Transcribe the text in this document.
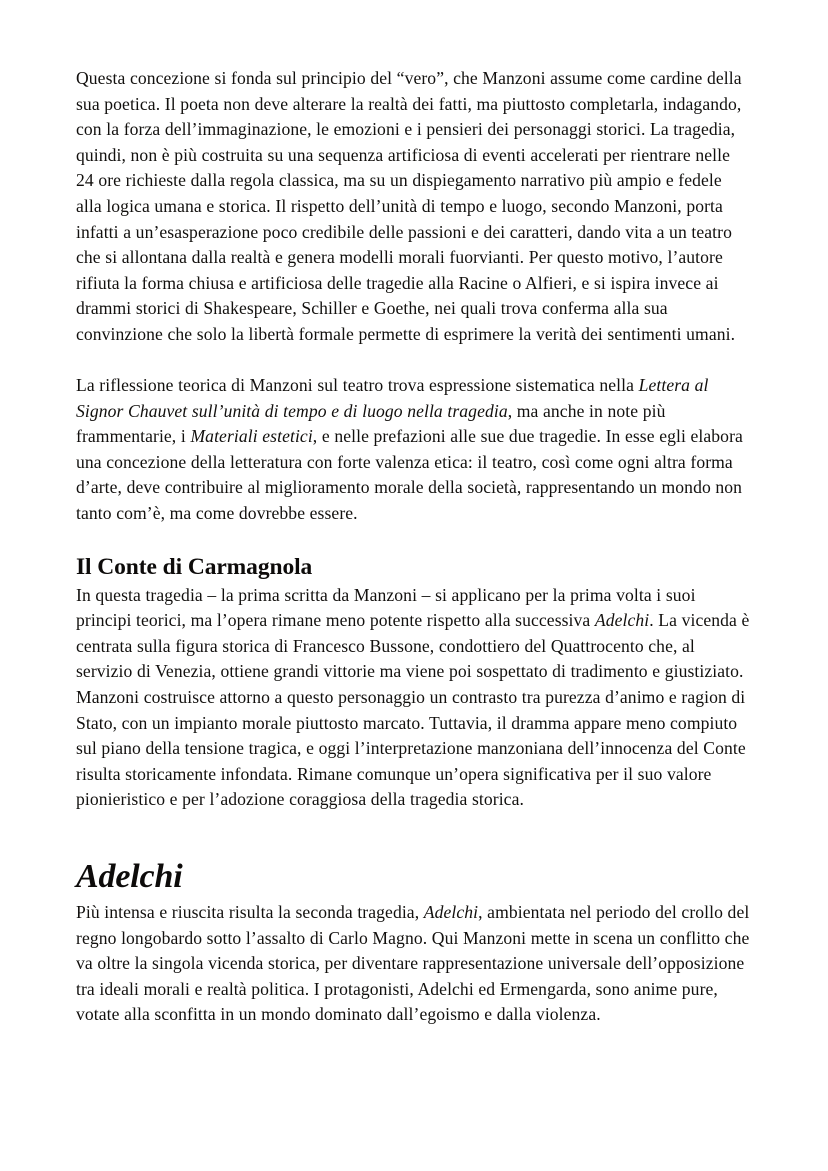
Questa concezione si fonda sul principio del “vero”, che Manzoni assume come cardine della sua poetica. Il poeta non deve alterare la realtà dei fatti, ma piuttosto completarla, indagando, con la forza dell’immaginazione, le emozioni e i pensieri dei personaggi storici. La tragedia, quindi, non è più costruita su una sequenza artificiosa di eventi accelerati per rientrare nelle 24 ore richieste dalla regola classica, ma su un dispiegamento narrativo più ampio e fedele alla logica umana e storica. Il rispetto dell’unità di tempo e luogo, secondo Manzoni, porta infatti a un’esasperazione poco credibile delle passioni e dei caratteri, dando vita a un teatro che si allontana dalla realtà e genera modelli morali fuorvianti. Per questo motivo, l’autore rifiuta la forma chiusa e artificiosa delle tragedie alla Racine o Alfieri, e si ispira invece ai drammi storici di Shakespeare, Schiller e Goethe, nei quali trova conferma alla sua convinzione che solo la libertà formale permette di esprimere la verità dei sentimenti umani.

La riflessione teorica di Manzoni sul teatro trova espressione sistematica nella Lettera al Signor Chauvet sull’unità di tempo e di luogo nella tragedia, ma anche in note più frammentarie, i Materiali estetici, e nelle prefazioni alle sue due tragedie. In esse egli elabora una concezione della letteratura con forte valenza etica: il teatro, così come ogni altra forma d’arte, deve contribuire al miglioramento morale della società, rappresentando un mondo non tanto com’è, ma come dovrebbe essere.

Il Conte di Carmagnola

In questa tragedia – la prima scritta da Manzoni – si applicano per la prima volta i suoi principi teorici, ma l’opera rimane meno potente rispetto alla successiva Adelchi. La vicenda è centrata sulla figura storica di Francesco Bussone, condottiero del Quattrocento che, al servizio di Venezia, ottiene grandi vittorie ma viene poi sospettato di tradimento e giustiziato. Manzoni costruisce attorno a questo personaggio un contrasto tra purezza d’animo e ragion di Stato, con un impianto morale piuttosto marcato. Tuttavia, il dramma appare meno compiuto sul piano della tensione tragica, e oggi l’interpretazione manzoniana dell’innocenza del Conte risulta storicamente infondata. Rimane comunque un’opera significativa per il suo valore pionieristico e per l’adozione coraggiosa della tragedia storica.

Adelchi

Più intensa e riuscita risulta la seconda tragedia, Adelchi, ambientata nel periodo del crollo del regno longobardo sotto l’assalto di Carlo Magno. Qui Manzoni mette in scena un conflitto che va oltre la singola vicenda storica, per diventare rappresentazione universale dell’opposizione tra ideali morali e realtà politica. I protagonisti, Adelchi ed Ermengarda, sono anime pure, votate alla sconfitta in un mondo dominato dall’egoismo e dalla violenza.
